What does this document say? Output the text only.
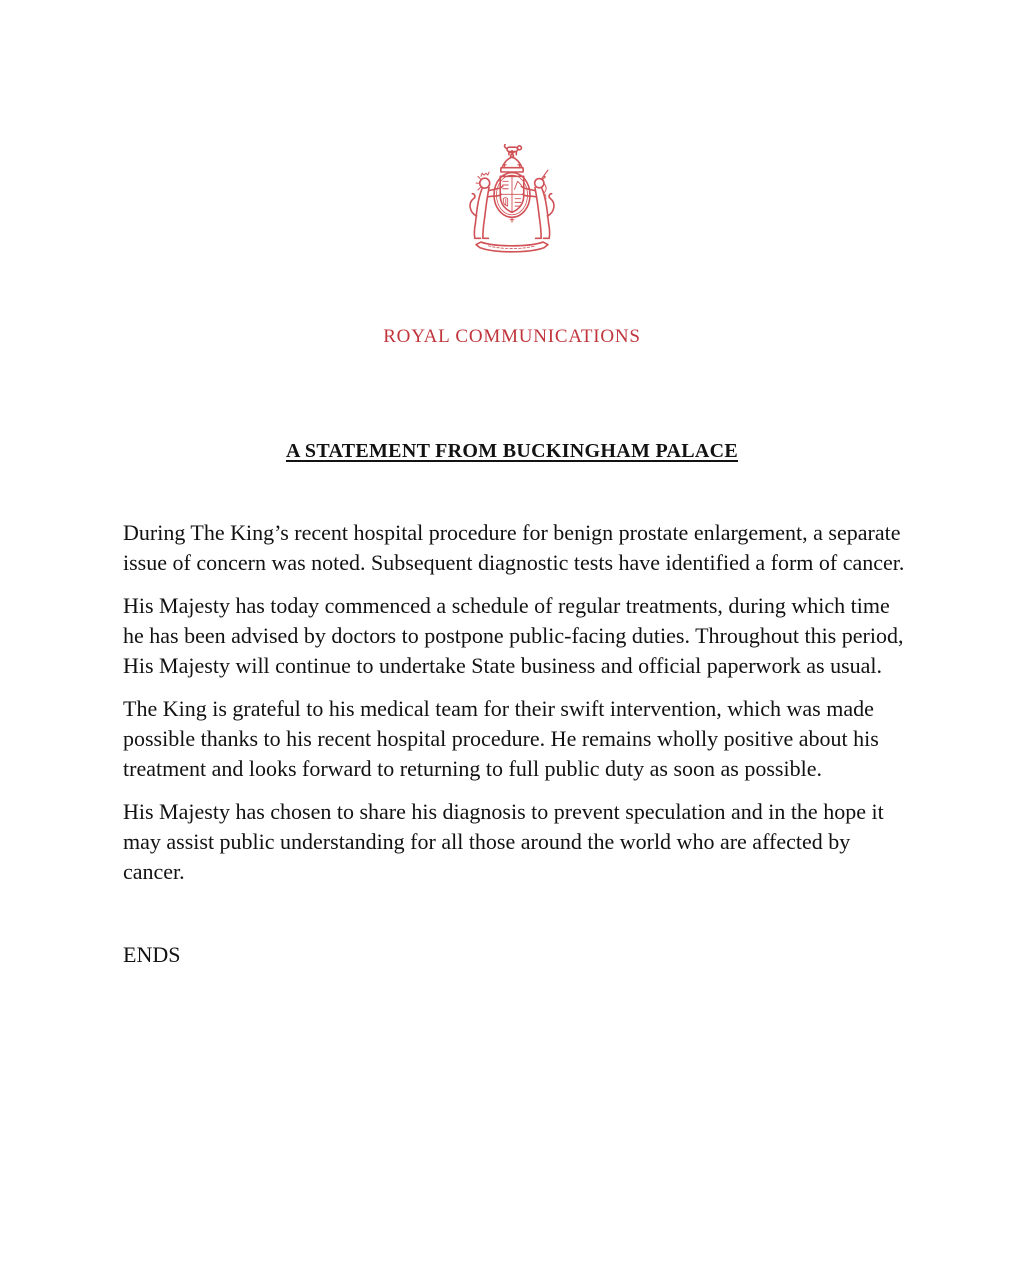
ROYAL COMMUNICATIONS
A STATEMENT FROM BUCKINGHAM PALACE

During The King’s recent hospital procedure for benign prostate enlargement, a separate issue of concern was noted. Subsequent diagnostic tests have identified a form of cancer.

His Majesty has today commenced a schedule of regular treatments, during which time he has been advised by doctors to postpone public-facing duties. Throughout this period, His Majesty will continue to undertake State business and official paperwork as usual.

The King is grateful to his medical team for their swift intervention, which was made possible thanks to his recent hospital procedure. He remains wholly positive about his treatment and looks forward to returning to full public duty as soon as possible.

His Majesty has chosen to share his diagnosis to prevent speculation and in the hope it may assist public understanding for all those around the world who are affected by cancer.

ENDS
